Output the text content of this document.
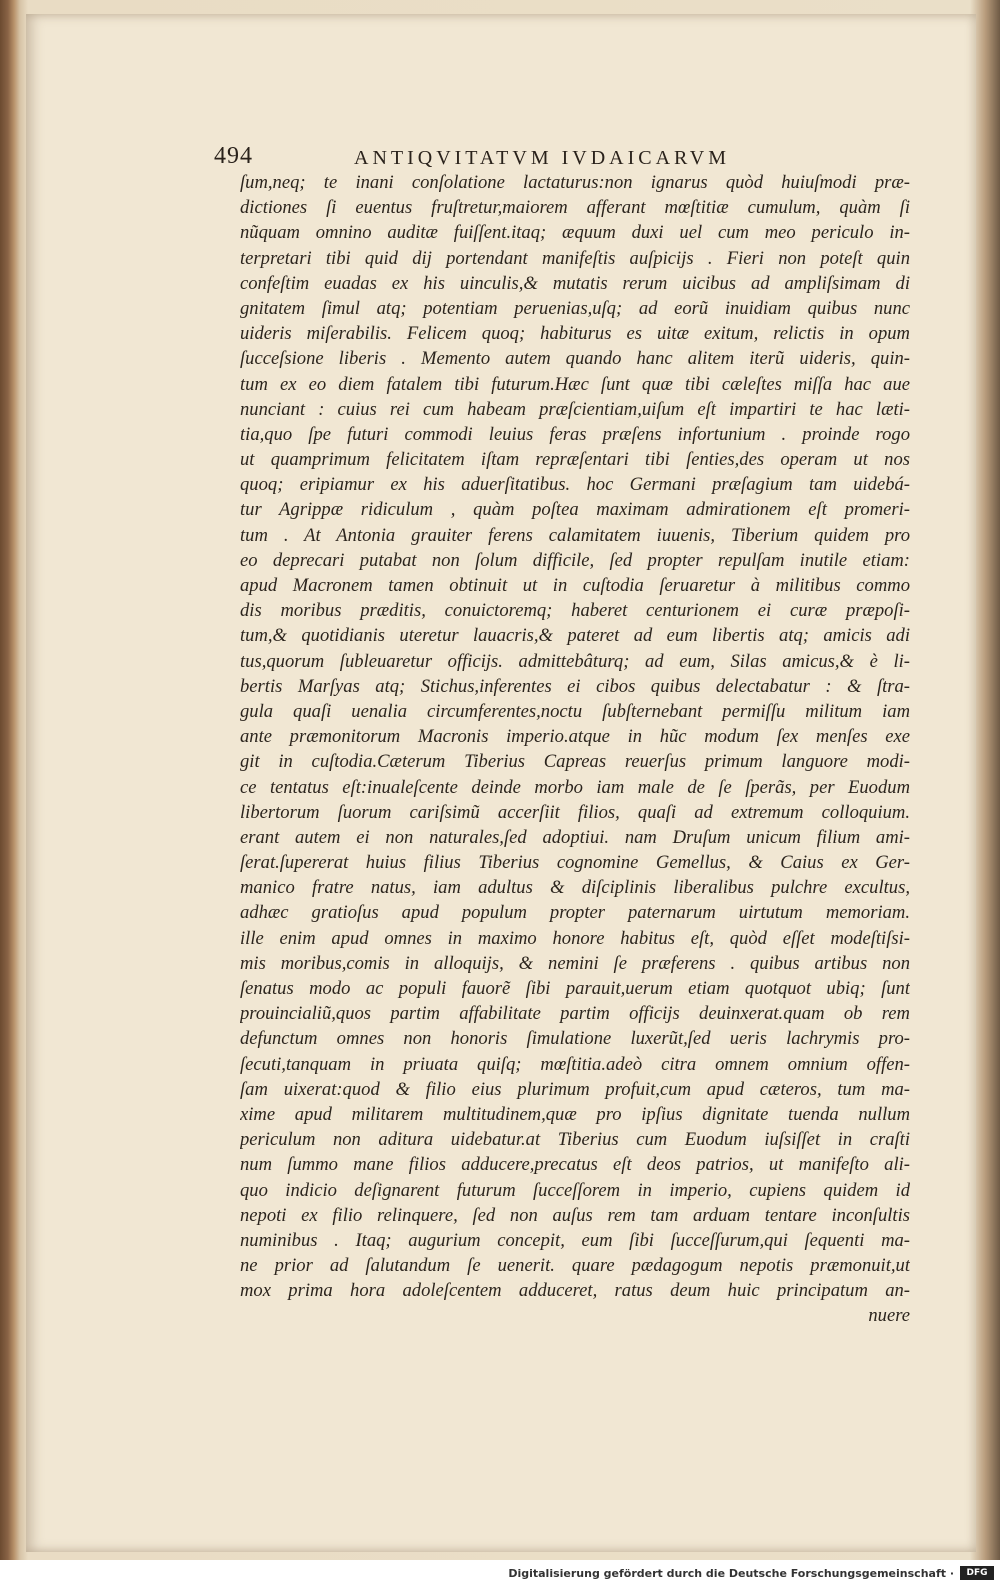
494	ANTIQVITATVM IVDAICARVM
ſum,neq; te inani conſolatione lactaturus:non ignarus quòd huiuſmodi præ-
dictiones ſi euentus fruſtretur,maiorem afferant mœſtitiæ cumulum, quàm ſi
nũquam omnino auditæ fuiſſent.itaq; æquum duxi uel cum meo periculo in-
terpretari tibi quid dij portendant manifeſtis auſpicijs . Fieri non poteſt quin
confeſtim euadas ex his uinculis,& mutatis rerum uicibus ad ampliſsimam di
gnitatem ſimul atq; potentiam peruenias,uſq; ad eorũ inuidiam quibus nunc
uideris miſerabilis. Felicem quoq; habiturus es uitæ exitum, relictis in opum
ſucceſsione liberis . Memento autem quando hanc alitem iterũ uideris, quin-
tum ex eo diem fatalem tibi futurum.Hæc ſunt quæ tibi cæleſtes miſſa hac aue
nunciant : cuius rei cum habeam præſcientiam,uiſum eſt impartiri te hac læti-
tia,quo ſpe futuri commodi leuius feras præſens infortunium . proinde rogo
ut quamprimum felicitatem iſtam repræſentari tibi ſenties,des operam ut nos
quoq; eripiamur ex his aduerſitatibus. hoc Germani præſagium tam uidebá-
tur Agrippæ ridiculum , quàm poſtea maximam admirationem eſt promeri-
tum . At Antonia grauiter ferens calamitatem iuuenis, Tiberium quidem pro
eo deprecari putabat non ſolum difficile, ſed propter repulſam inutile etiam:
apud Macronem tamen obtinuit ut in cuſtodia ſeruaretur à militibus commo
dis moribus præditis, conuictoremq; haberet centurionem ei curæ præpoſi-
tum,& quotidianis uteretur lauacris,& pateret ad eum libertis atq; amicis adi
tus,quorum ſubleuaretur officijs. admittebâturq; ad eum, Silas amicus,& è li-
bertis Marſyas atq; Stichus,inferentes ei cibos quibus delectabatur : & ſtra-
gula quaſi uenalia circumferentes,noctu ſubſternebant permiſſu militum iam
ante præmonitorum Macronis imperio.atque in hũc modum ſex menſes exe
git in cuſtodia.Cæterum Tiberius Capreas reuerſus primum languore modi-
ce tentatus eſt:inualeſcente deinde morbo iam male de ſe ſperãs, per Euodum
libertorum ſuorum cariſsimũ accerſiit filios, quaſi ad extremum colloquium.
erant autem ei non naturales,ſed adoptiui. nam Druſum unicum filium ami-
ſerat.ſupererat huius filius Tiberius cognomine Gemellus, & Caius ex Ger-
manico fratre natus, iam adultus & diſciplinis liberalibus pulchre excultus,
adhæc gratioſus apud populum propter paternarum uirtutum memoriam.
ille enim apud omnes in maximo honore habitus eſt, quòd eſſet modeſtiſsi-
mis moribus,comis in alloquijs, & nemini ſe præferens . quibus artibus non
ſenatus modo ac populi fauorẽ ſibi parauit,uerum etiam quotquot ubiq; ſunt
prouincialiũ,quos partim affabilitate partim officijs deuinxerat.quam ob rem
defunctum omnes non honoris ſimulatione luxerũt,ſed ueris lachrymis pro-
ſecuti,tanquam in priuata quiſq; mœſtitia.adeò citra omnem omnium offen-
ſam uixerat:quod & filio eius plurimum profuit,cum apud cæteros, tum ma-
xime apud militarem multitudinem,quæ pro ipſius dignitate tuenda nullum
periculum non aditura uidebatur.at Tiberius cum Euodum iuſsiſſet in craſti
num ſummo mane filios adducere,precatus eſt deos patrios, ut manifeſto ali-
quo indicio deſignarent futurum ſucceſſorem in imperio, cupiens quidem id
nepoti ex filio relinquere, ſed non auſus rem tam arduam tentare inconſultis
numinibus . Itaq; augurium concepit, eum ſibi ſucceſſurum,qui ſequenti ma-
ne prior ad ſalutandum ſe uenerit. quare pædagogum nepotis præmonuit,ut
mox prima hora adoleſcentem adduceret, ratus deum huic principatum an-
nuere
Digitalisierung gefördert durch die Deutsche Forschungsgemeinschaft ·	DFG
